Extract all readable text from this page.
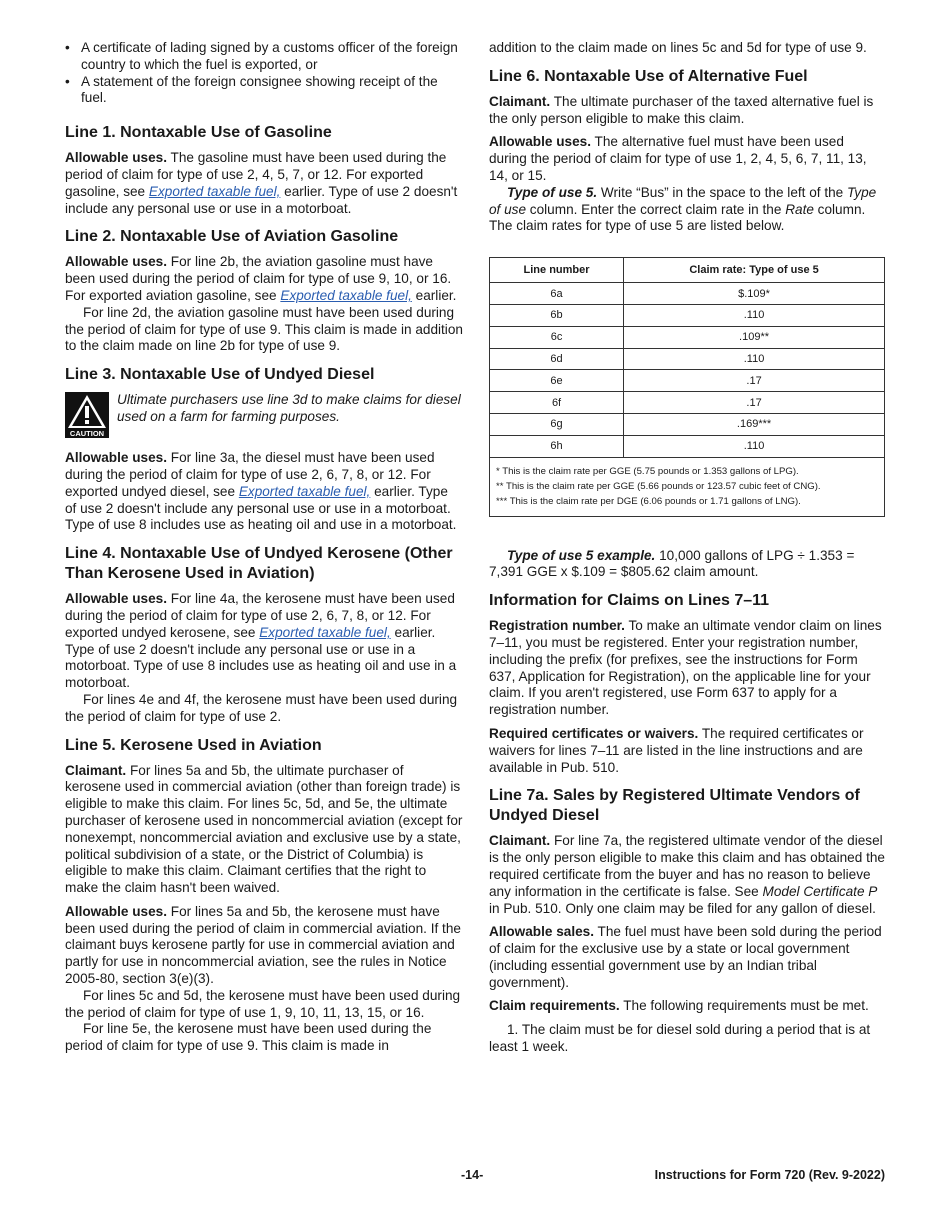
• A certificate of lading signed by a customs officer of the foreign country to which the fuel is exported, or

• A statement of the foreign consignee showing receipt of the fuel.

Line 1. Nontaxable Use of Gasoline

Allowable uses. The gasoline must have been used during the period of claim for type of use 2, 4, 5, 7, or 12. For exported gasoline, see Exported taxable fuel, earlier. Type of use 2 doesn't include any personal use or use in a motorboat.

Line 2. Nontaxable Use of Aviation Gasoline

Allowable uses. For line 2b, the aviation gasoline must have been used during the period of claim for type of use 9, 10, or 16. For exported aviation gasoline, see Exported taxable fuel, earlier.

For line 2d, the aviation gasoline must have been used during the period of claim for type of use 9. This claim is made in addition to the claim made on line 2b for type of use 9.

Line 3. Nontaxable Use of Undyed Diesel
CAUTION
Ultimate purchasers use line 3d to make claims for diesel used on a farm for farming purposes.

Allowable uses. For line 3a, the diesel must have been used during the period of claim for type of use 2, 6, 7, 8, or 12. For exported undyed diesel, see Exported taxable fuel, earlier. Type of use 2 doesn't include any personal use or use in a motorboat. Type of use 8 includes use as heating oil and use in a motorboat.

Line 4. Nontaxable Use of Undyed Kerosene (Other Than Kerosene Used in Aviation)

Allowable uses. For line 4a, the kerosene must have been used during the period of claim for type of use 2, 6, 7, 8, or 12. For exported undyed kerosene, see Exported taxable fuel, earlier. Type of use 2 doesn't include any personal use or use in a motorboat. Type of use 8 includes use as heating oil and use in a motorboat.

For lines 4e and 4f, the kerosene must have been used during the period of claim for type of use 2.

Line 5. Kerosene Used in Aviation

Claimant. For lines 5a and 5b, the ultimate purchaser of kerosene used in commercial aviation (other than foreign trade) is eligible to make this claim. For lines 5c, 5d, and 5e, the ultimate purchaser of kerosene used in noncommercial aviation (except for nonexempt, noncommercial aviation and exclusive use by a state, political subdivision of a state, or the District of Columbia) is eligible to make this claim. Claimant certifies that the right to make the claim hasn't been waived.

Allowable uses. For lines 5a and 5b, the kerosene must have been used during the period of claim in commercial aviation. If the claimant buys kerosene partly for use in commercial aviation and partly for use in noncommercial aviation, see the rules in Notice 2005-80, section 3(e)(3).

For lines 5c and 5d, the kerosene must have been used during the period of claim for type of use 1, 9, 10, 11, 13, 15, or 16.

For line 5e, the kerosene must have been used during the period of claim for type of use 9. This claim is made in

addition to the claim made on lines 5c and 5d for type of use 9.

Line 6. Nontaxable Use of Alternative Fuel

Claimant. The ultimate purchaser of the taxed alternative fuel is the only person eligible to make this claim.

Allowable uses. The alternative fuel must have been used during the period of claim for type of use 1, 2, 4, 5, 6, 7, 11, 13, 14, or 15.

Type of use 5. Write “Bus” in the space to the left of the Type of use column. Enter the correct claim rate in the Rate column. The claim rates for type of use 5 are listed below.

Line number	Claim rate: Type of use 5
6a	$.109*
6b	.110
6c	.109**
6d	.110
6e	.17
6f	.17
6g	.169***
6h	.110

* This is the claim rate per GGE (5.75 pounds or 1.353 gallons of LPG).
** This is the claim rate per GGE (5.66 pounds or 123.57 cubic feet of CNG).
*** This is the claim rate per DGE (6.06 pounds or 1.71 gallons of LNG).	

Type of use 5 example. 10,000 gallons of LPG ÷ 1.353 = 7,391 GGE x $.109 = $805.62 claim amount.

Information for Claims on Lines 7–11

Registration number. To make an ultimate vendor claim on lines 7–11, you must be registered. Enter your registration number, including the prefix (for prefixes, see the instructions for Form 637, Application for Registration), on the applicable line for your claim. If you aren't registered, use Form 637 to apply for a registration number.

Required certificates or waivers. The required certificates or waivers for lines 7–11 are listed in the line instructions and are available in Pub. 510.

Line 7a. Sales by Registered Ultimate Vendors of Undyed Diesel

Claimant. For line 7a, the registered ultimate vendor of the diesel is the only person eligible to make this claim and has obtained the required certificate from the buyer and has no reason to believe any information in the certificate is false. See Model Certificate P in Pub. 510. Only one claim may be filed for any gallon of diesel.

Allowable sales. The fuel must have been sold during the period of claim for the exclusive use by a state or local government (including essential government use by an Indian tribal government).

Claim requirements. The following requirements must be met.

1. The claim must be for diesel sold during a period that is at least 1 week.

-14-	Instructions for Form 720 (Rev. 9-2022)
